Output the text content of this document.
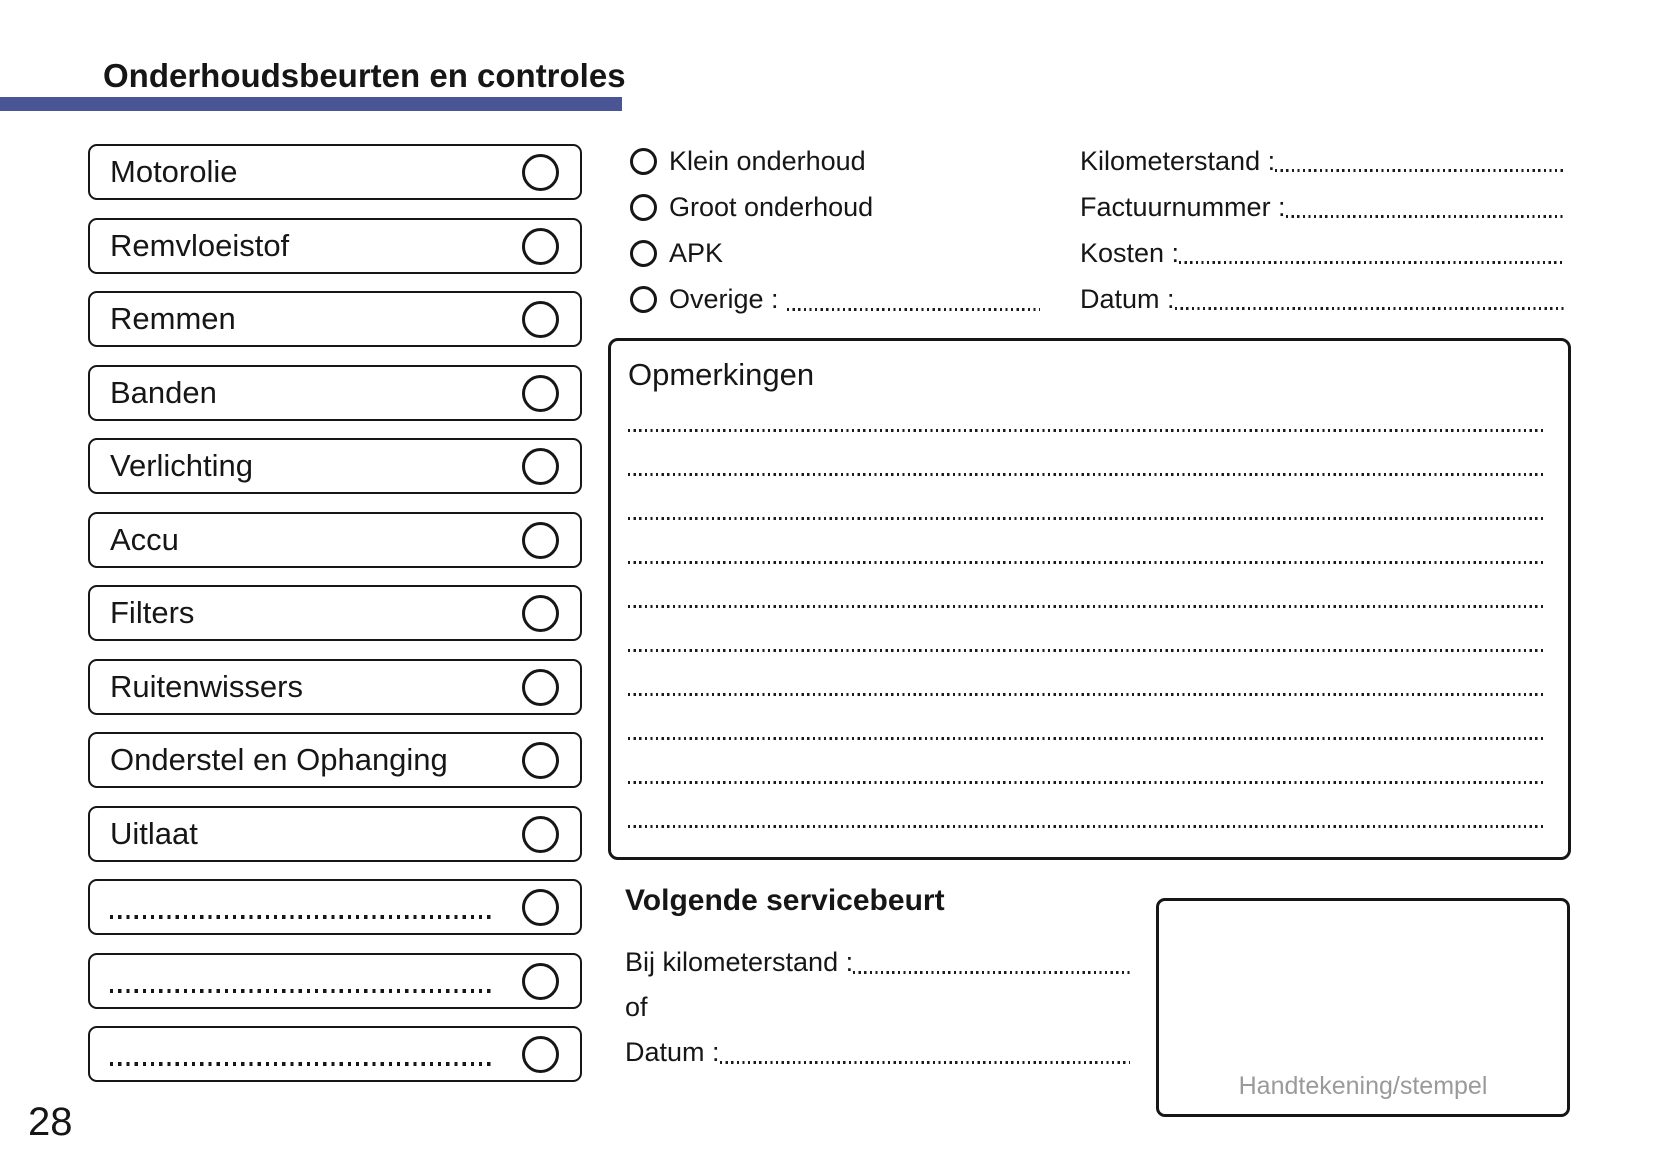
Onderhoudsbeurten en controles
Opmerkingen
Volgende servicebeurt
Handtekening/stempel
28
Motorolie
Remvloeistof
Remmen
Banden
Verlichting
Accu
Filters
Ruitenwissers
Onderstel en Ophanging
Uitlaat
Klein onderhoud
Groot onderhoud
APK
Overige :
Kilometerstand :
Factuurnummer :
Kosten :
Datum :
Bij kilometerstand :
of
Datum :
